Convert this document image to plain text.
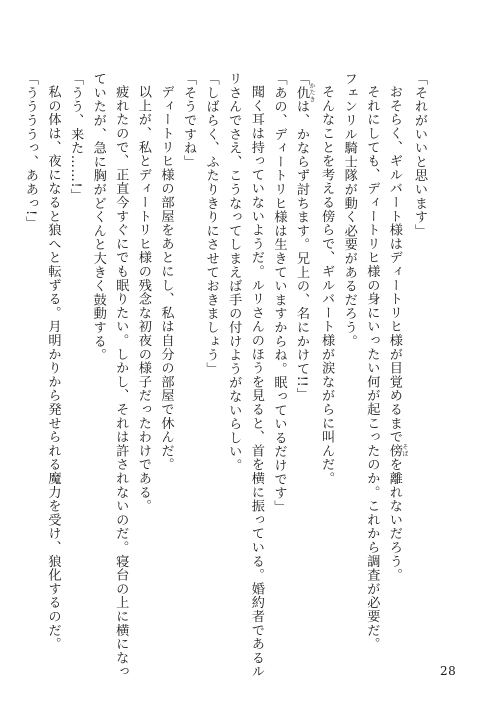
「それがいいと思います」
おそらく、ギルバート様はディートリヒ様が目覚めるまで傍 そばを離れないだろう。
それにしても、ディートリヒ様の身にいったい何が起こったのか。これから調査が必要だ。
フェンリル騎士隊が動く必要があるだろう。
そんなことを考える傍らで、ギルバート様が涙ながらに叫んだ。
「仇 かたきは、かならず討ちます。兄上の、名にかけて!!」
「あの、ディートリヒ様は生きていますからね。眠っているだけです」
聞く耳は持っていないようだ。ルリさんのほうを見ると、首を横に振っている。婚約者であるル
リさんでさえ、こうなってしまえば手の付けようがないらしい。
「しばらく、ふたりきりにさせておきましょう」
「そうですね」
ディートリヒ様の部屋をあとにし、私は自分の部屋で休んだ。
以上が、私とディートリヒ様の残念な初夜の様子だったわけである。
疲れたので、正直今すぐにでも眠りたい。しかし、それは許されないのだ。寝台の上に横になっ
ていたが、急に胸がどくんと大きく鼓動する。
「うう、来た……!」
私の体は、夜になると狼へと転ずる。月明かりから発せられる魔力を受け、狼化するのだ。
「ううううっ、ああっ!」
28
